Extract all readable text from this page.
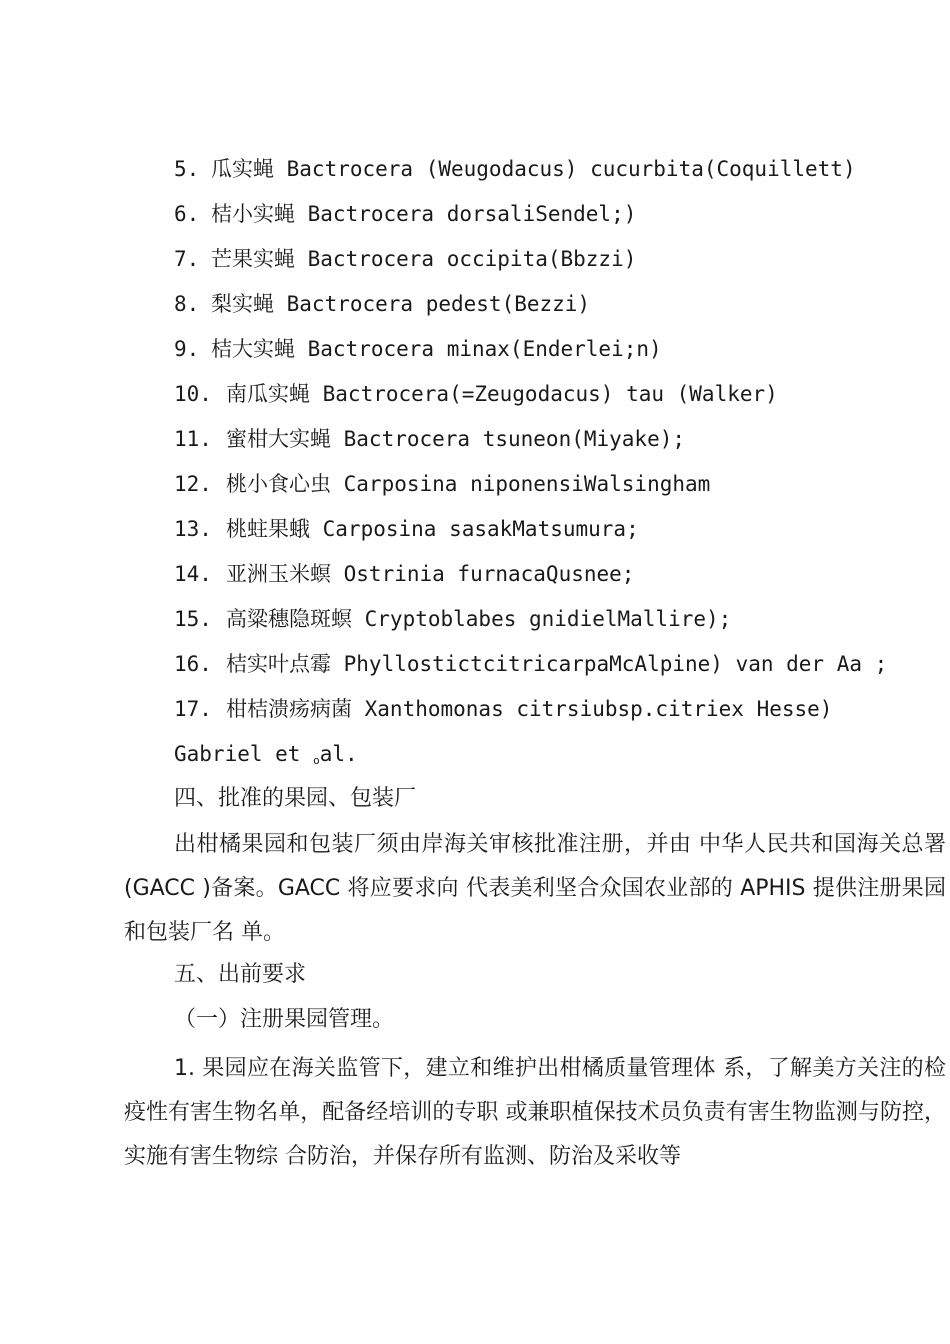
5. 瓜实蝇 Bactrocera (Weugodacus) cucurbita(Coquillett)
6. 桔小实蝇 Bactrocera dorsaliSendel;)
7. 芒果实蝇 Bactrocera occipita(Bbzzi)
8. 梨实蝇 Bactrocera pedest(Bezzi)
9. 桔大实蝇 Bactrocera minax(Enderlei;n)
10. 南瓜实蝇 Bactrocera(=Zeugodacus) tau (Walker)
11. 蜜柑大实蝇 Bactrocera tsuneon(Miyake);
12. 桃小食心虫 Carposina niponensiWalsingham
13. 桃蛀果蛾 Carposina sasakMatsumura;
14. 亚洲玉米螟 Ostrinia furnacaQusnee;
15. 高粱穗隐斑螟 Cryptoblabes gnidielMallire);
16. 桔实叶点霉 PhyllostictcitricarpaMcAlpine) van der Aa ;
17. 柑桔溃疡病菌 Xanthomonas citrsiubsp.citriex Hesse)
Gabriel et oal.
四、批准的果园、包装厂

出柑橘果园和包装厂须由岸海关审核批准注册，并由 中华人民共和国海关总署(GACC )备案。GACC 将应要求向 代表美利坚合众国农业部的 APHIS 提供注册果园和包装厂名 单。

五、出前要求
（一）注册果园管理。

1. 果园应在海关监管下，建立和维护出柑橘质量管理体 系，了解美方关注的检疫性有害生物名单，配备经培训的专职 或兼职植保技术员负责有害生物监测与防控，实施有害生物综 合防治，并保存所有监测、防治及采收等
